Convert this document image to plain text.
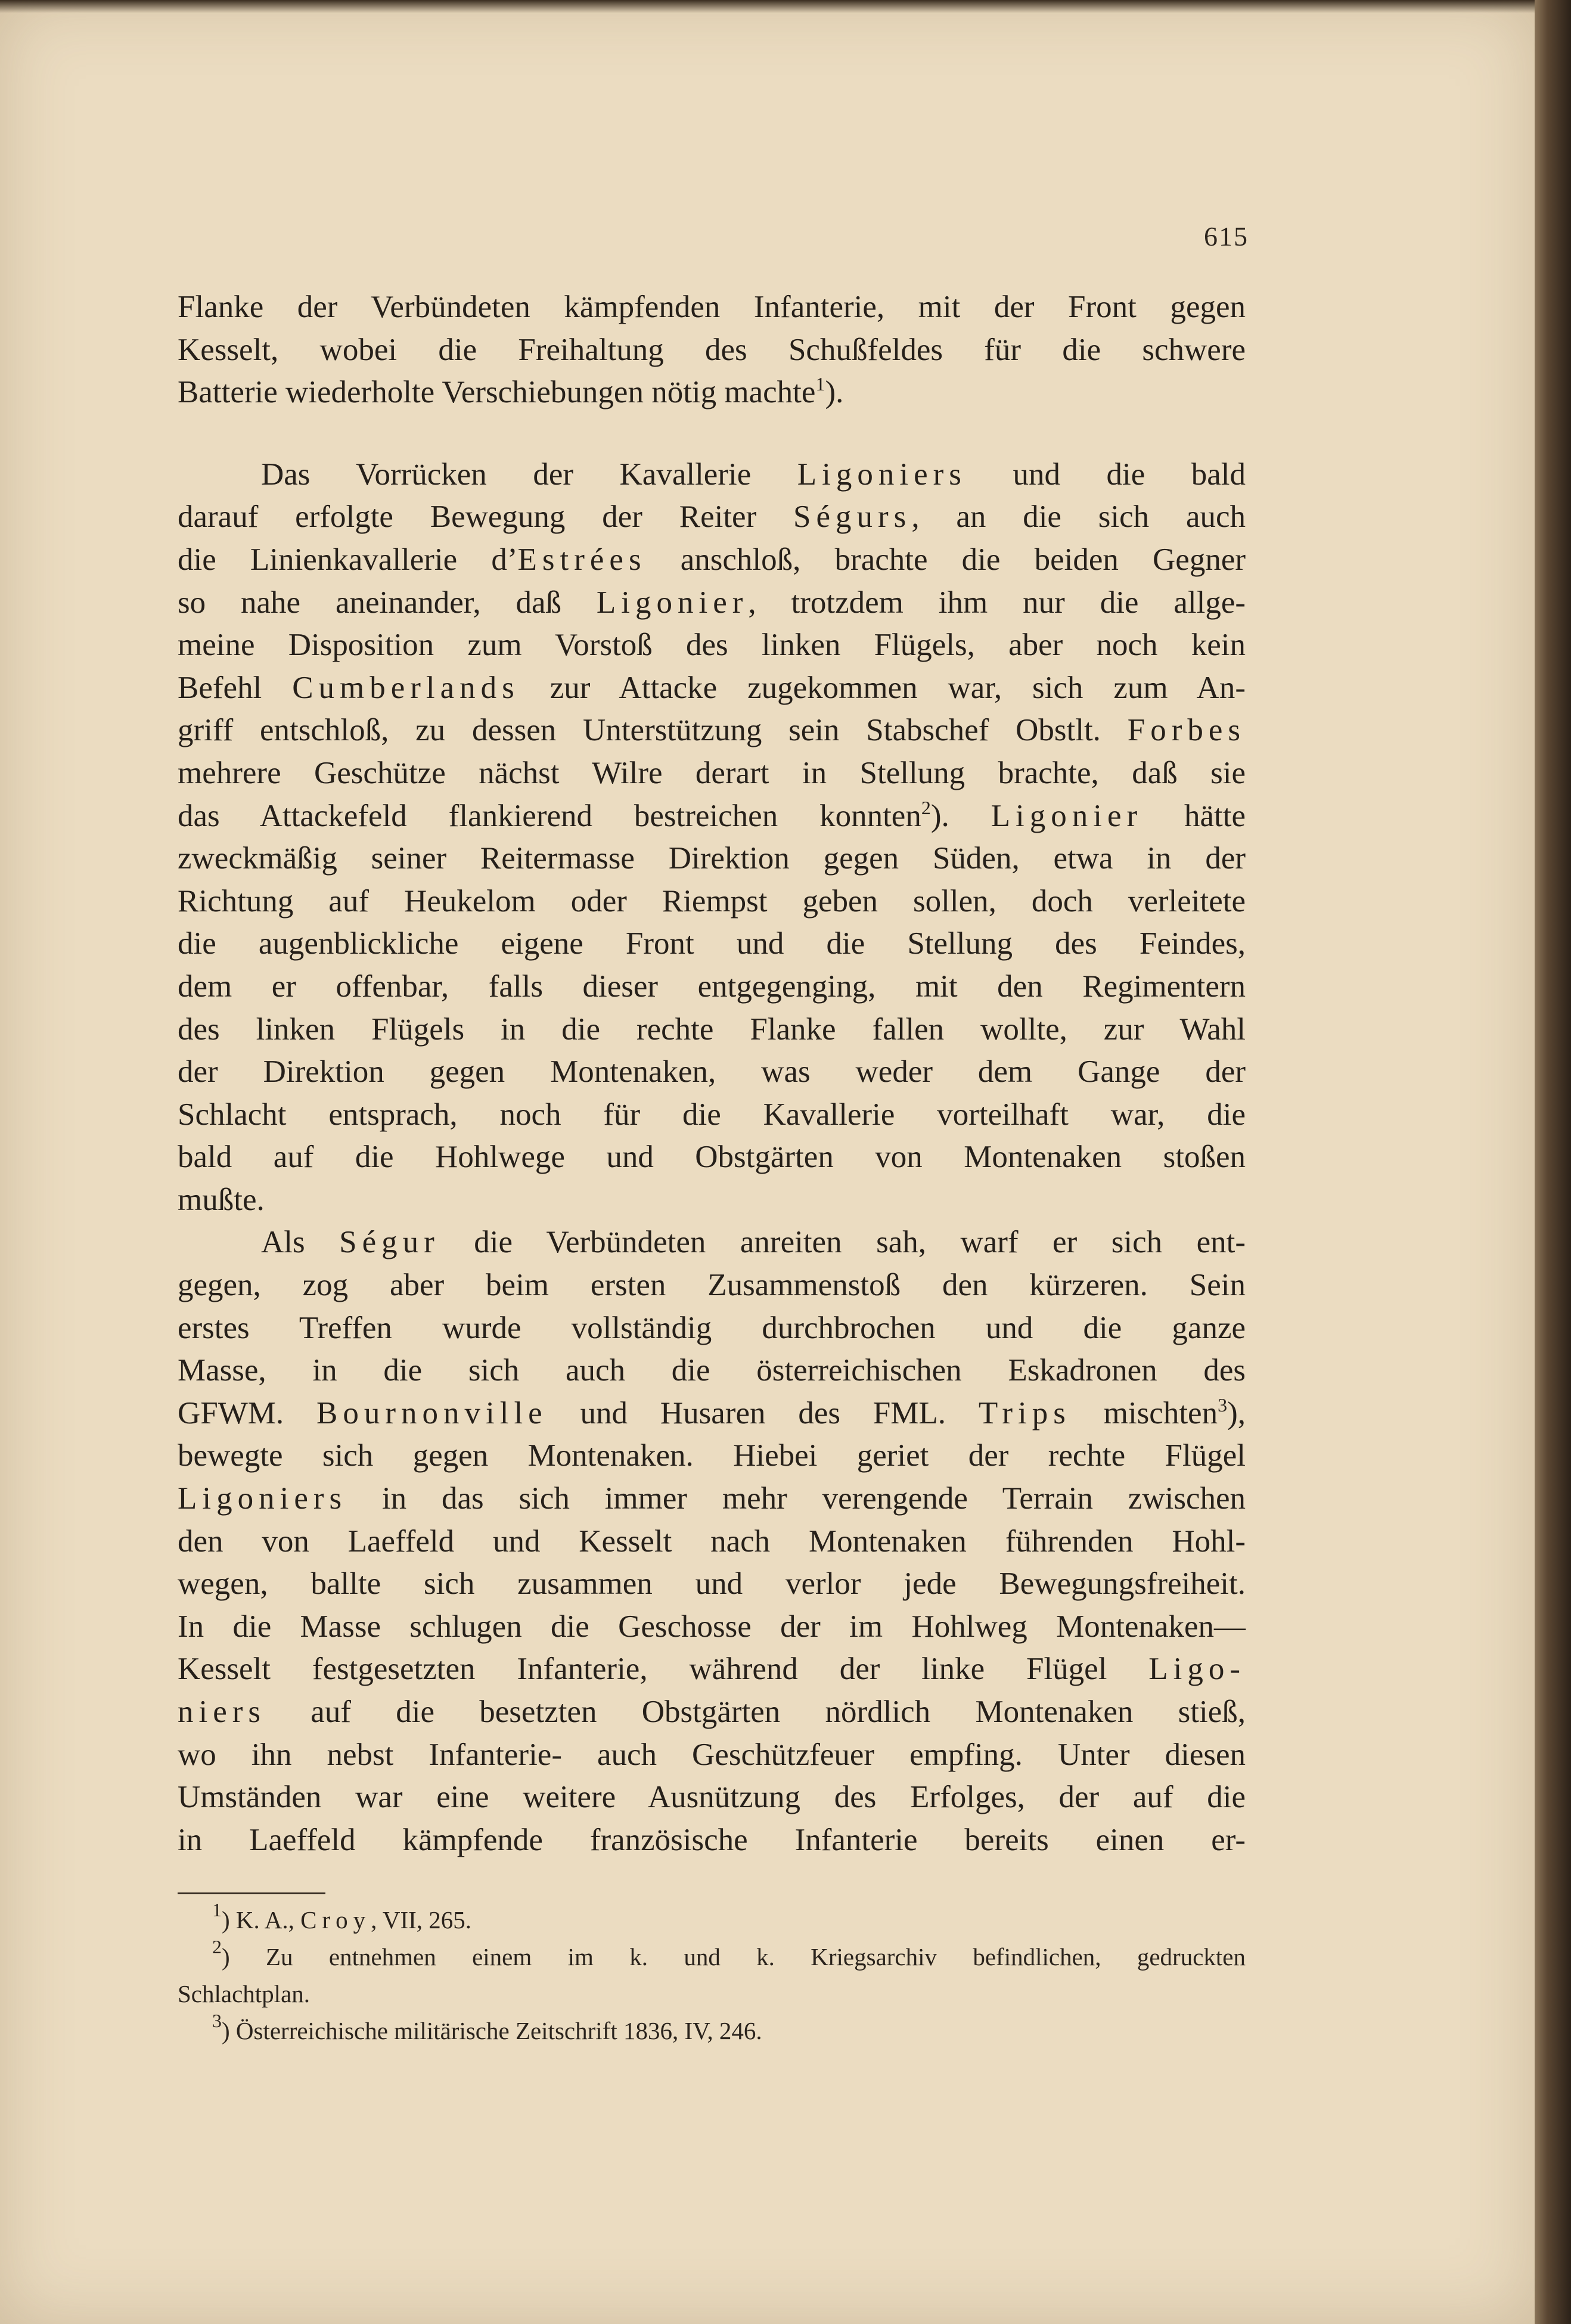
615

Flanke der Verbündeten kämpfenden Infanterie, mit der Front gegen

Kesselt, wobei die Freihaltung des Schußfeldes für die schwere

Batterie wiederholte Verschiebungen nötig machte$^1$).

Das Vorrücken der Kavallerie Ligoniers und die bald

darauf erfolgte Bewegung der Reiter Ségurs, an die sich auch

die Linienkavallerie d’Estrées anschloß, brachte die beiden Gegner

so nahe aneinander, daß Ligonier, trotzdem ihm nur die allge-

meine Disposition zum Vorstoß des linken Flügels, aber noch kein

Befehl Cumberlands zur Attacke zugekommen war, sich zum An-

griff entschloß, zu dessen Unterstützung sein Stabschef Obstlt. Forbes

mehrere Geschütze nächst Wilre derart in Stellung brachte, daß sie

das Attackefeld flankierend bestreichen konnten$^2$). Ligonier hätte

zweckmäßig seiner Reitermasse Direktion gegen Süden, etwa in der

Richtung auf Heukelom oder Riempst geben sollen, doch verleitete

die augenblickliche eigene Front und die Stellung des Feindes,

dem er offenbar, falls dieser entgegenging, mit den Regimentern

des linken Flügels in die rechte Flanke fallen wollte, zur Wahl

der Direktion gegen Montenaken, was weder dem Gange der

Schlacht entsprach, noch für die Kavallerie vorteilhaft war, die

bald auf die Hohlwege und Obstgärten von Montenaken stoßen

mußte.

Als Ségur die Verbündeten anreiten sah, warf er sich ent-

gegen, zog aber beim ersten Zusammenstoß den kürzeren. Sein

erstes Treffen wurde vollständig durchbrochen und die ganze

Masse, in die sich auch die österreichischen Eskadronen des

GFWM. Bournonville und Husaren des FML. Trips mischten$^3$),

bewegte sich gegen Montenaken. Hiebei geriet der rechte Flügel

Ligoniers in das sich immer mehr verengende Terrain zwischen

den von Laeffeld und Kesselt nach Montenaken führenden Hohl-

wegen, ballte sich zusammen und verlor jede Bewegungsfreiheit.

In die Masse schlugen die Geschosse der im Hohlweg Montenaken—

Kesselt festgesetzten Infanterie, während der linke Flügel Ligo-

niers auf die besetzten Obstgärten nördlich Montenaken stieß,

wo ihn nebst Infanterie- auch Geschützfeuer empfing. Unter diesen

Umständen war eine weitere Ausnützung des Erfolges, der auf die

in Laeffeld kämpfende französische Infanterie bereits einen er-

$^1$) K. A., Croy, VII, 265.

$^2$) Zu entnehmen einem im k. und k. Kriegsarchiv befindlichen, gedruckten

Schlachtplan.

$^3$) Österreichische militärische Zeitschrift 1836, IV, 246.
